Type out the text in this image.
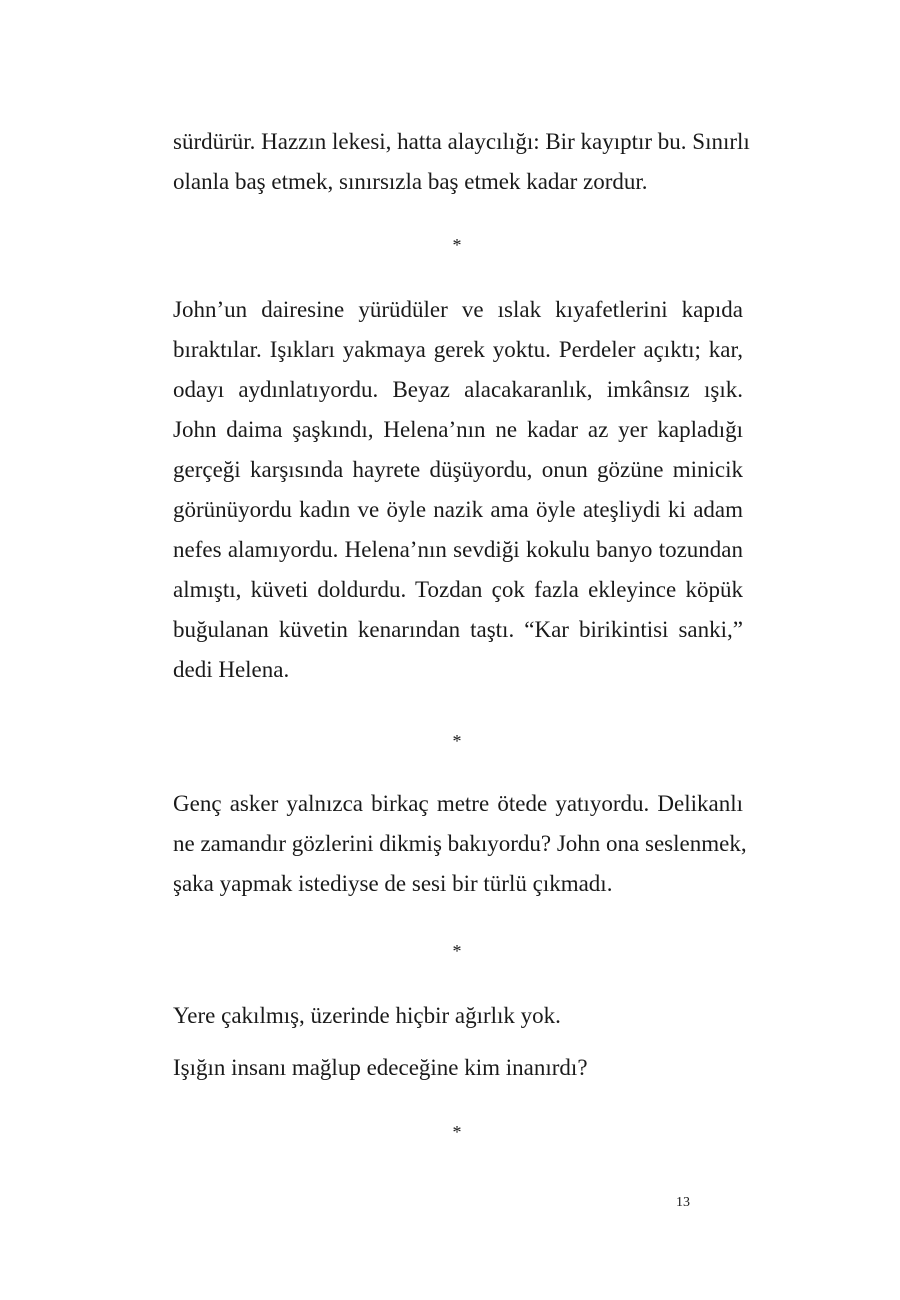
sürdürür. Hazzın lekesi, hatta alaycılığı: Bir kayıptır bu. Sınırlı
olanla baş etmek, sınırsızla baş etmek kadar zordur.
*
John’un dairesine yürüdüler ve ıslak kıyafetlerini kapıda
bıraktılar. Işıkları yakmaya gerek yoktu. Perdeler açıktı; kar,
odayı aydınlatıyordu. Beyaz alacakaranlık, imkânsız ışık.
John daima şaşkındı, Helena’nın ne kadar az yer kapladığı
gerçeği karşısında hayrete düşüyordu, onun gözüne minicik
görünüyordu kadın ve öyle nazik ama öyle ateşliydi ki adam
nefes alamıyordu. Helena’nın sevdiği kokulu banyo tozundan
almıştı, küveti doldurdu. Tozdan çok fazla ekleyince köpük
buğulanan küvetin kenarından taştı. “Kar birikintisi sanki,”
dedi Helena.
*
Genç asker yalnızca birkaç metre ötede yatıyordu. Delikanlı
ne zamandır gözlerini dikmiş bakıyordu? John ona seslenmek,
şaka yapmak istediyse de sesi bir türlü çıkmadı.
*
Yere çakılmış, üzerinde hiçbir ağırlık yok.
Işığın insanı mağlup edeceğine kim inanırdı?
*
13
